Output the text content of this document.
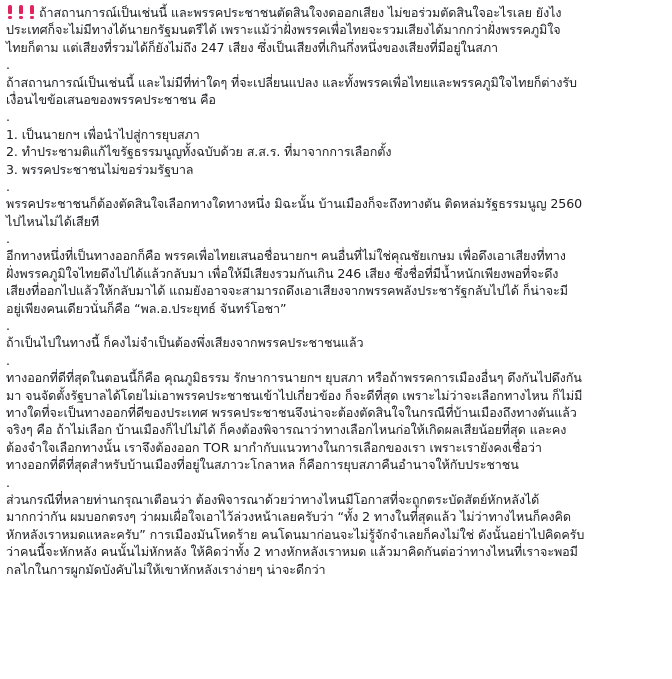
ถ้าสถานการณ์เป็นเช่นนี้ และพรรคประชาชนตัดสินใจงดออกเสียง ไม่ขอร่วมตัดสินใจอะไรเลย ยังไง
ประเทศก็จะไม่มีทางได้นายกรัฐมนตรีได้ เพราะแม้ว่าฝั่งพรรคเพื่อไทยจะรวมเสียงได้มากกว่าฝั่งพรรคภูมิใจ
ไทยก็ตาม แต่เสียงที่รวมได้ก็ยังไม่ถึง 247 เสียง ซึ่งเป็นเสียงที่เกินกึ่งหนึ่งของเสียงที่มีอยู่ในสภา
.
ถ้าสถานการณ์เป็นเช่นนี้ และไม่มีที่ท่าใดๆ ที่จะเปลี่ยนแปลง และทั้งพรรคเพื่อไทยและพรรคภูมิใจไทยก็ต่างรับ
เงื่อนไขข้อเสนอของพรรคประชาชน คือ
.
1. เป็นนายกฯ เพื่อนำไปสู่การยุบสภา
2. ทำประชามติแก้ไขรัฐธรรมนูญทั้งฉบับด้วย ส.ส.ร. ที่มาจากการเลือกตั้ง
3. พรรคประชาชนไม่ขอร่วมรัฐบาล
.
พรรคประชาชนก็ต้องตัดสินใจเลือกทางใดทางหนึ่ง มิฉะนั้น บ้านเมืองก็จะถึงทางตัน ติดหล่มรัฐธรรมนูญ 2560
ไปไหนไม่ได้เสียที
.
อีกทางหนึ่งที่เป็นทางออกก็คือ พรรคเพื่อไทยเสนอชื่อนายกฯ คนอื่นที่ไม่ใช่คุณชัยเกษม เพื่อดึงเอาเสียงที่ทาง
ฝั่งพรรคภูมิใจไทยดึงไปได้แล้วกลับมา เพื่อให้มีเสียงรวมกันเกิน 246 เสียง ซึ่งชื่อที่มีน้ำหนักเพียงพอที่จะดึง
เสียงที่ออกไปแล้วให้กลับมาได้ แถมยังอาจจะสามารถดึงเอาเสียงจากพรรคพลังประชารัฐกลับไปได้ ก็น่าจะมี
อยู่เพียงคนเดียวนั่นก็คือ “พล.อ.ประยุทธ์ จันทร์โอชา”
.
ถ้าเป็นไปในทางนี้ ก็คงไม่จำเป็นต้องพึ่งเสียงจากพรรคประชาชนแล้ว
.
ทางออกที่ดีที่สุดในตอนนี้ก็คือ คุณภูมิธรรม รักษาการนายกฯ ยุบสภา หรือถ้าพรรคการเมืองอื่นๆ ดึงกันไปดึงกัน
มา จนจัดตั้งรัฐบาลได้โดยไม่เอาพรรคประชาชนเข้าไปเกี่ยวข้อง ก็จะดีที่สุด เพราะไม่ว่าจะเลือกทางไหน ก็ไม่มี
ทางใดที่จะเป็นทางออกที่ดีของประเทศ พรรคประชาชนจึงน่าจะต้องตัดสินใจในกรณีที่บ้านเมืองถึงทางตันแล้ว
จริงๆ คือ ถ้าไม่เลือก บ้านเมืองก็ไปไม่ได้ ก็คงต้องพิจารณาว่าทางเลือกไหนก่อให้เกิดผลเสียน้อยที่สุด และคง
ต้องจำใจเลือกทางนั้น เราจึงต้องออก TOR มากำกับแนวทางในการเลือกของเรา เพราะเรายังคงเชื่อว่า
ทางออกที่ดีที่สุดสำหรับบ้านเมืองที่อยู่ในสภาวะโกลาหล ก็คือการยุบสภาคืนอำนาจให้กับประชาชน
.
ส่วนกรณีที่หลายท่านกรุณาเตือนว่า ต้องพิจารณาด้วยว่าทางไหนมีโอกาสที่จะถูกตระบัดสัตย์หักหลังได้
มากกว่ากัน ผมบอกตรงๆ ว่าผมเผื่อใจเอาไว้ล่วงหน้าเลยครับว่า “ทั้ง 2 ทางในที่สุดแล้ว ไม่ว่าทางไหนก็คงคิด
หักหลังเราหมดแหละครับ” การเมืองมันโหดร้าย คนโดนมาก่อนจะไม่รู้จักจำเลยก็คงไม่ใช่ ดังนั้นอย่าไปคิดครับ
ว่าคนนี้จะหักหลัง คนนั้นไม่หักหลัง ให้คิดว่าทั้ง 2 ทางหักหลังเราหมด แล้วมาคิดกันต่อว่าทางไหนที่เราจะพอมี
กลไกในการผูกมัดบังคับไม่ให้เขาหักหลังเราง่ายๆ น่าจะดีกว่า
